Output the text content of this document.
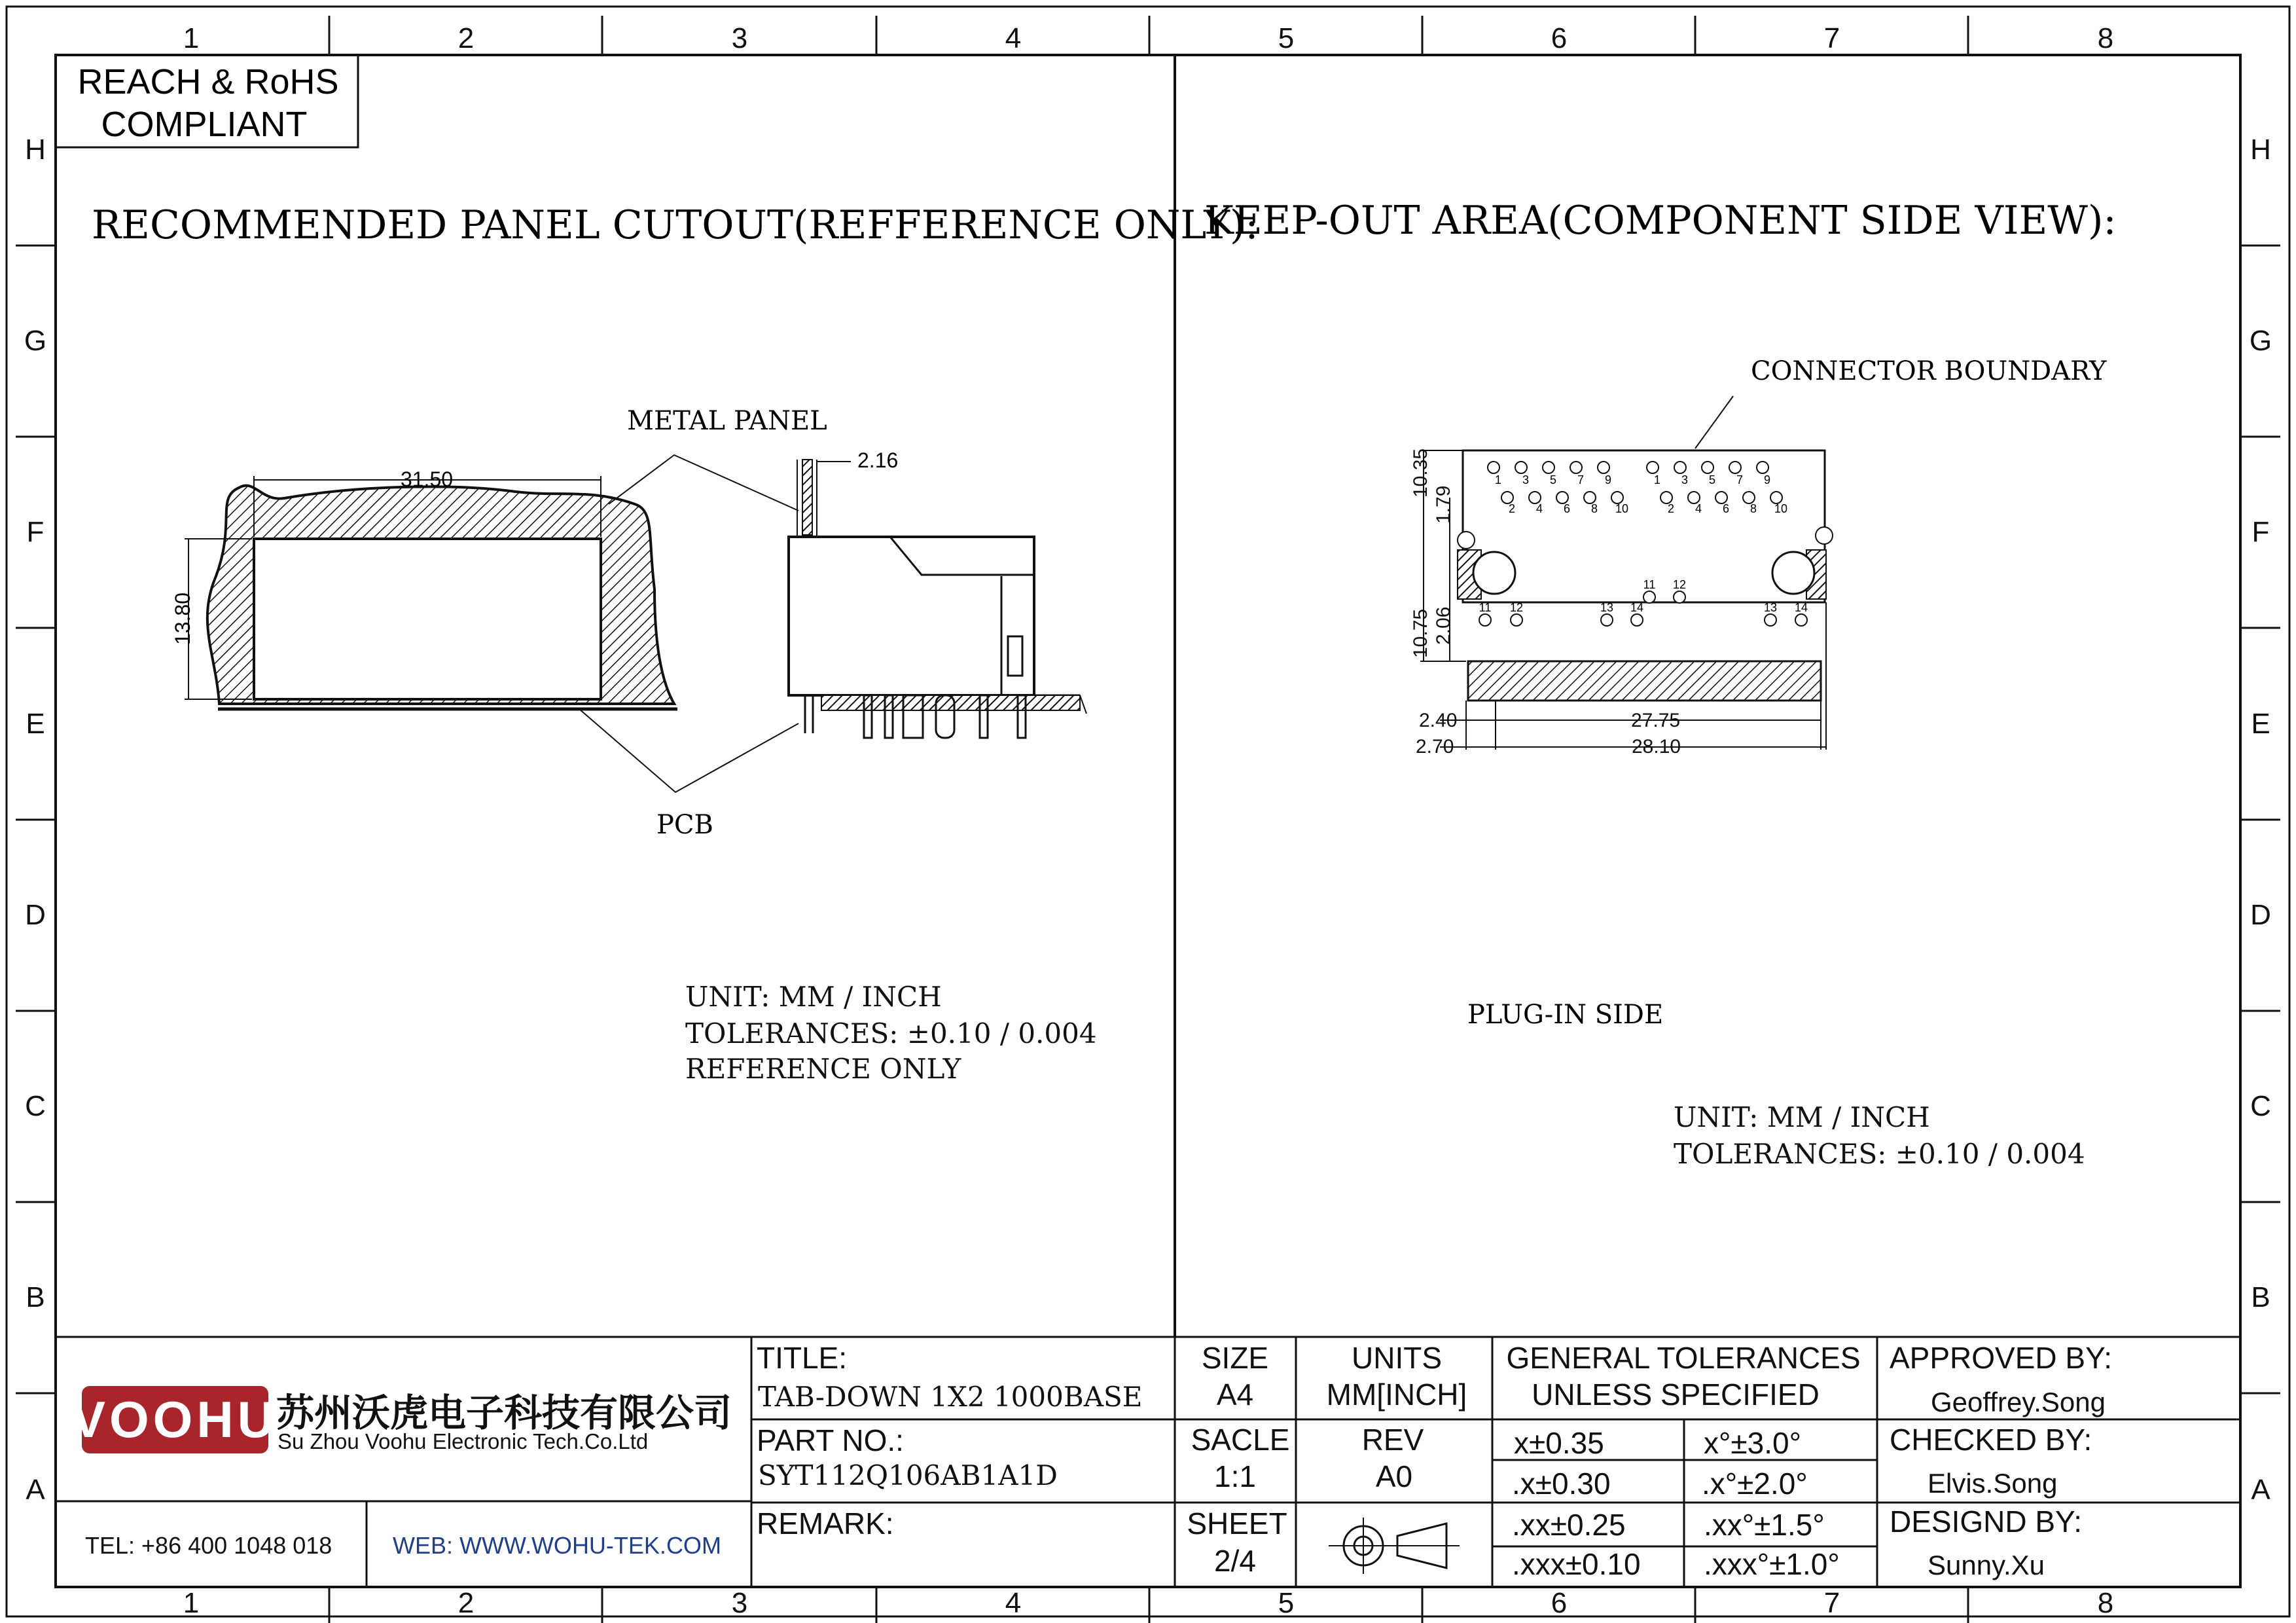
1	2	3	4	5	6	7	8
1	2	3	4	5	6	7	8
H
G
F
E
D
C
B
A
H
G
F
E
D
C
B
A
REACH & RoHS
COMPLIANT
RECOMMENDED PANEL CUTOUT(REFFERENCE ONLY):
31.50
13.80
2.16
METAL PANEL
PCB
UNIT: MM / INCH
TOLERANCES: ±0.10 / 0.004
REFERENCE ONLY
KEEP-OUT AREA(COMPONENT SIDE VIEW):
CONNECTOR BOUNDARY
1 3 5 7 9
2 4 6 8 10
1 3 5 7 9
2 4 6 8 10
11 12	13 14
11 12
13 14
10.35
1.79
10.75 2.06
2.40	27.75
2.70	28.10
PLUG-IN SIDE
UNIT: MM / INCH
TOLERANCES: ±0.10 / 0.004
VOOHU
苏州沃虎电子科技有限公司
Su Zhou Voohu Electronic Tech.Co.Ltd
TEL: +86 400 1048 018	WEB: WWW.WOHU-TEK.COM
TITLE:
TAB-DOWN 1X2 1000BASE
PART NO.:
SYT112Q106AB1A1D
REMARK:
SIZE
A4
UNITS
MM[INCH]
SACLE
1:1
REV
A0
SHEET
2/4
GENERAL TOLERANCES
UNLESS SPECIFIED
x±0.35	x°±3.0°
.x±0.30	.x°±2.0°
.xx±0.25	.xx°±1.5°
.xxx±0.10 .xxx°±1.0°
APPROVED BY:
Geoffrey.Song
CHECKED BY:
Elvis.Song
DESIGND BY:
Sunny.Xu
